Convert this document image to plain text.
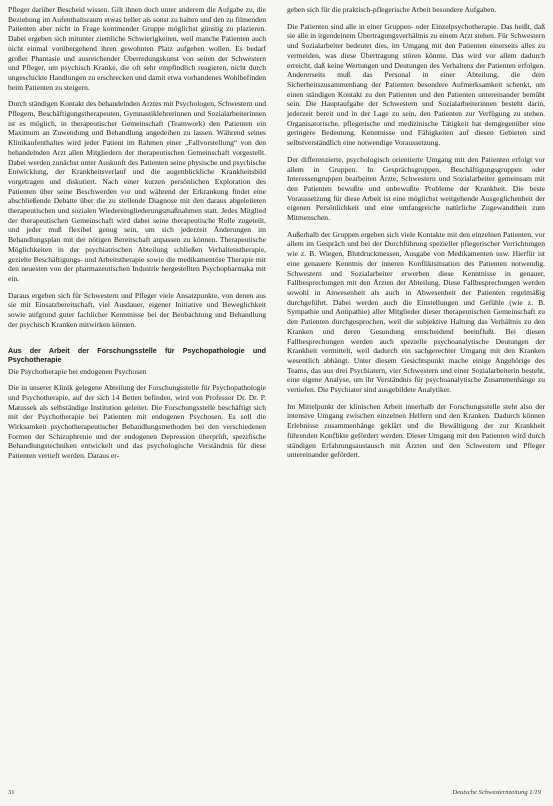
Pfleger darüber Bescheid wissen. Gilt ihnen doch unter anderem die Aufgabe zu, die Beziehung im Aufenthaltsraum etwas heller als sonst zu halten und den zu filmenden Patienten aber nicht in Frage kommender Gruppe möglichst günstig zu plazieren. Dabei ergeben sich mitunter ziemliche Schwierigkeiten, weil manche Patienten auch nicht einmal vorübergehend ihren gewohnten Platz aufgeben wollen. Es bedarf großer Phantasie und ausreichender Überredungskunst von seiten der Schwestern und Pfleger, um psychisch Kranke, die oft sehr empfindlich reagieren, nicht durch ungeschickte Handlungen zu erschrecken und damit etwa vorhandenes Wohlbefinden beim Patienten zu steigern.

Durch ständigen Kontakt des behandelnden Arztes mit Psychologen, Schwestern und Pflegern, Beschäftigungstherapeuten, Gymnastiklehrerinnen und Sozialarbeiterinnen ist es möglich, in therapeutischer Gemeinschaft (Teamwork) den Patienten ein Maximum an Zuwendung und Behandlung angedeihen zu lassen. Während seines Klinikaufenthaltes wird jeder Patient im Rahmen einer „Fallvorstellung“ von den behandelnden Arzt allen Mitgliedern der therapeutischen Gemeinschaft vorgestellt. Dabei werden zunächst unter Auskunft des Patienten seine physische und psychische Entwicklung, der Krankheitsverlauf und die augenblickliche Krankheitsbild vorgetragen und diskutiert. Nach einer kurzen persönlichen Exploration des Patienten über seine Beschwerden vor und während der Erkrankung findet eine abschließende Debatte über die zu stellende Diagnose mit den daraus abgeleiteten therapeutischen und sozialen Wiedereingliederungsmaßnahmen statt. Jedes Mitglied der therapeutischen Gemeinschaft wird dabei seine therapeutische Rolle zugeteilt, und jeder muß flexibel genug sein, um sich jederzeit Änderungen im Behandlungsplan mit der nötigen Bereitschaft anpassen zu können. Therapeutische Möglichkeiten in der psychiatrischen Abteilung schließen Verhaltenstherapie, gezielte Beschäftigungs- und Arbeitstherapie sowie die medikamentöse Therapie mit den neuesten von der pharmazeutischen Industrie hergestellten Psychopharmaka mit ein.

Daraus ergeben sich für Schwestern und Pfleger viele Ansatzpunkte, von denen aus sie mit Einsatzbereitschaft, viel Ausdauer, eigener Initiative und Beweglichkeit sowie aufgrund guter fachlicher Kenntnisse bei der Beobachtung und Behandlung der psychisch Kranken mitwirken können.

Aus der Arbeit der Forschungsstelle für Psychopathologie und Psychotherapie

Die Psychotherapie bei endogenen Psychosen

Die in unserer Klinik gelegene Abteilung der Forschungsstelle für Psychopathologie und Psychotherapie, auf der sich 14 Betten befinden, wird von Professor Dr. Dr. P. Matussek als selbständige Institution geleitet. Die Forschungsstelle beschäftigt sich mit der Psychotherapie bei Patienten mit endogenen Psychosen. Es soll die Wirksamkeit psychotherapeutischer Behandlungsmethoden bei den verschiedenen Formen der Schizophrenie und der endogenen Depression überprüft, spezifische Behandlungstechniken entwickelt und das psychologische Verständnis für diese Patienten vertieft werden. Daraus er-

geben sich für die praktisch-pflegerische Arbeit besondere Aufgaben.

Die Patienten sind alle in einer Gruppen- oder Einzelpsychotherapie. Das heißt, daß sie alle in irgendeinem Übertragungsverhältnis zu einem Arzt stehen. Für Schwestern und Sozialarbeiter bedeutet dies, im Umgang mit den Patienten einerseits alles zu vermeiden, was diese Übertragung stören könnte. Das wird vor allem dadurch erreicht, daß keine Wertungen und Deutungen des Verhaltens der Patienten erfolgen. Andererseits muß das Personal in einer Abteilung, die dem Sicherheitszusammenhang der Patienten besondere Aufmerksamkeit schenkt, um einen ständigen Kontakt zu den Patienten und den Patienten untereinander bemüht sein. Die Hauptaufgabe der Schwestern und Sozialarbeiterinnen besteht darin, jederzeit bereit und in der Lage zu sein, den Patienten zur Verfügung zu stehen. Organisatorische, pflegerische und medizinische Tätigkeit hat demgegenüber eine geringere Bedeutung. Kenntnisse und Fähigkeiten auf diesen Gebieten sind selbstverständlich eine notwendige Voraussetzung.

Der differenzierte, psychologisch orientierte Umgang mit den Patienten erfolgt vor allem in Gruppen. In Gesprächsgruppen, Beschäftigungsgruppen oder Interessengruppen bearbeiten Ärzte, Schwestern und Sozialarbeiter gemeinsam mit den Patienten bewußte und unbewußte Probleme der Krankheit. Die beste Voraussetzung für diese Arbeit ist eine möglichst weitgehende Ausgeglichenheit der eigenen Persönlichkeit und eine umfangreiche natürliche Zugewandtheit zum Mitmenschen.

Außerhalb der Gruppen ergeben sich viele Kontakte mit den einzelnen Patienten, vor allem im Gespräch und bei der Durchführung spezieller pflegerischer Verrichtungen wie z. B. Wiegen, Blutdruckmessen, Ausgabe von Medikamenten usw. Hierfür ist eine genauere Kenntnis der inneren Konfliktsituation des Patienten notwendig. Schwestern und Sozialarbeiter erwerben diese Kenntnisse in genauer, Fallbesprechungen mit den Ärzten der Abteilung. Diese Fallbesprechungen werden sowohl in Anwesenheit als auch in Abwesenheit der Patienten regelmäßig durchgeführt. Dabei werden auch die Einstellungen und Gefühle (wie z. B. Sympathie und Antipathie) aller Mitglieder dieser therapeutischen Gemeinschaft zu den Patienten durchgesprochen, weil die subjektive Haltung das Verhältnis zu den Kranken und deren Gesundung entscheidend beeinflußt. Bei diesen Fallbesprechungen werden auch spezielle psychoanalytische Deutungen der Krankheit vermittelt, weil dadurch ein sachgerechter Umgang mit den Kranken wesentlich abhängt. Unter diesem Gesichtspunkt mache einige Angehörige des Teams, das aus drei Psychiatern, vier Schwestern und einer Sozialarbeiterin besteht, eine eigene Analyse, um ihr Verständnis für psychoanalytische Zusammenhänge zu vertiefen. Die Psychiater sind ausgebildete Analytiker.

Im Mittelpunkt der klinischen Arbeit innerhalb der Forschungsstelle steht also der intensive Umgang zwischen einzelnen Helfern und den Kranken. Dadurch können Erlebnisse zusammenhänge geklärt und die Bewältigung der zur Krankheit führenden Konflikte gefördert werden. Dieser Umgang mit den Patienten wird durch ständigen Erfahrungsaustausch mit Ärzten und den Schwestern und Pfleger untereinander gefördert.

31	Deutsche Schwesternzeitung 1/19
